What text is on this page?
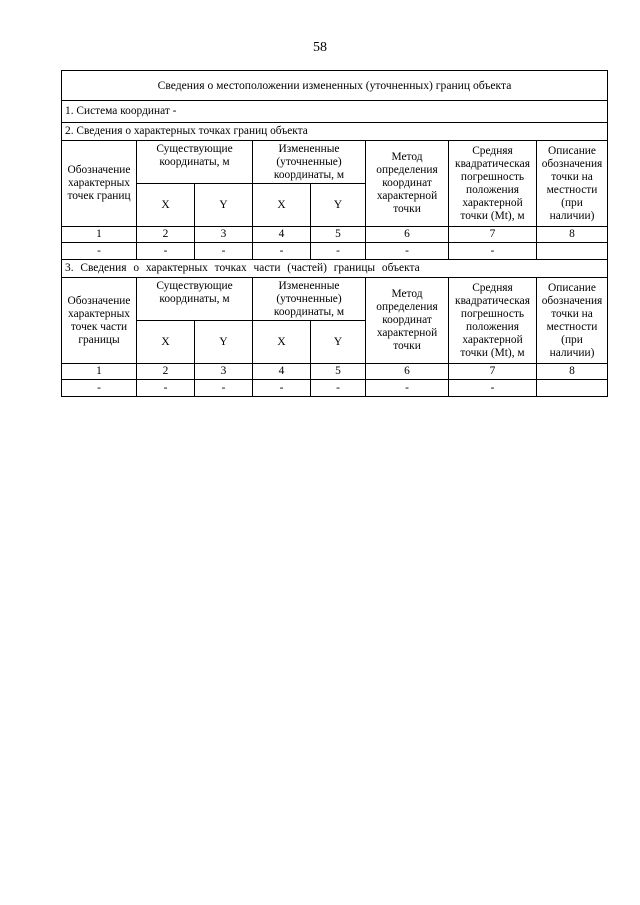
58
Сведения о местоположении измененных (уточненных) границ объекта							
1. Система координат -							
2. Сведения о характерных точках границ объекта							
Обозначение характерных точек границ	Существующие координаты, м		Измененные (уточненные) координаты, м		Метод определения координат характерной точки	Средняя квадратическая погрешность положения характерной точки (Mt), м	Описание обозначения точки на местности (при наличии)
	X	Y	X	Y			
1	2	3	4	5	6	7	8
-	-	-	-	-	-	-	
3. Сведения о характерных точках части (частей) границы объекта							
Обозначение характерных точек части границы	Существующие координаты, м		Измененные (уточненные) координаты, м		Метод определения координат характерной точки	Средняя квадратическая погрешность положения характерной точки (Mt), м	Описание обозначения точки на местности (при наличии)
	X	Y	X	Y			
1	2	3	4	5	6	7	8
-	-	-	-	-	-	-	
